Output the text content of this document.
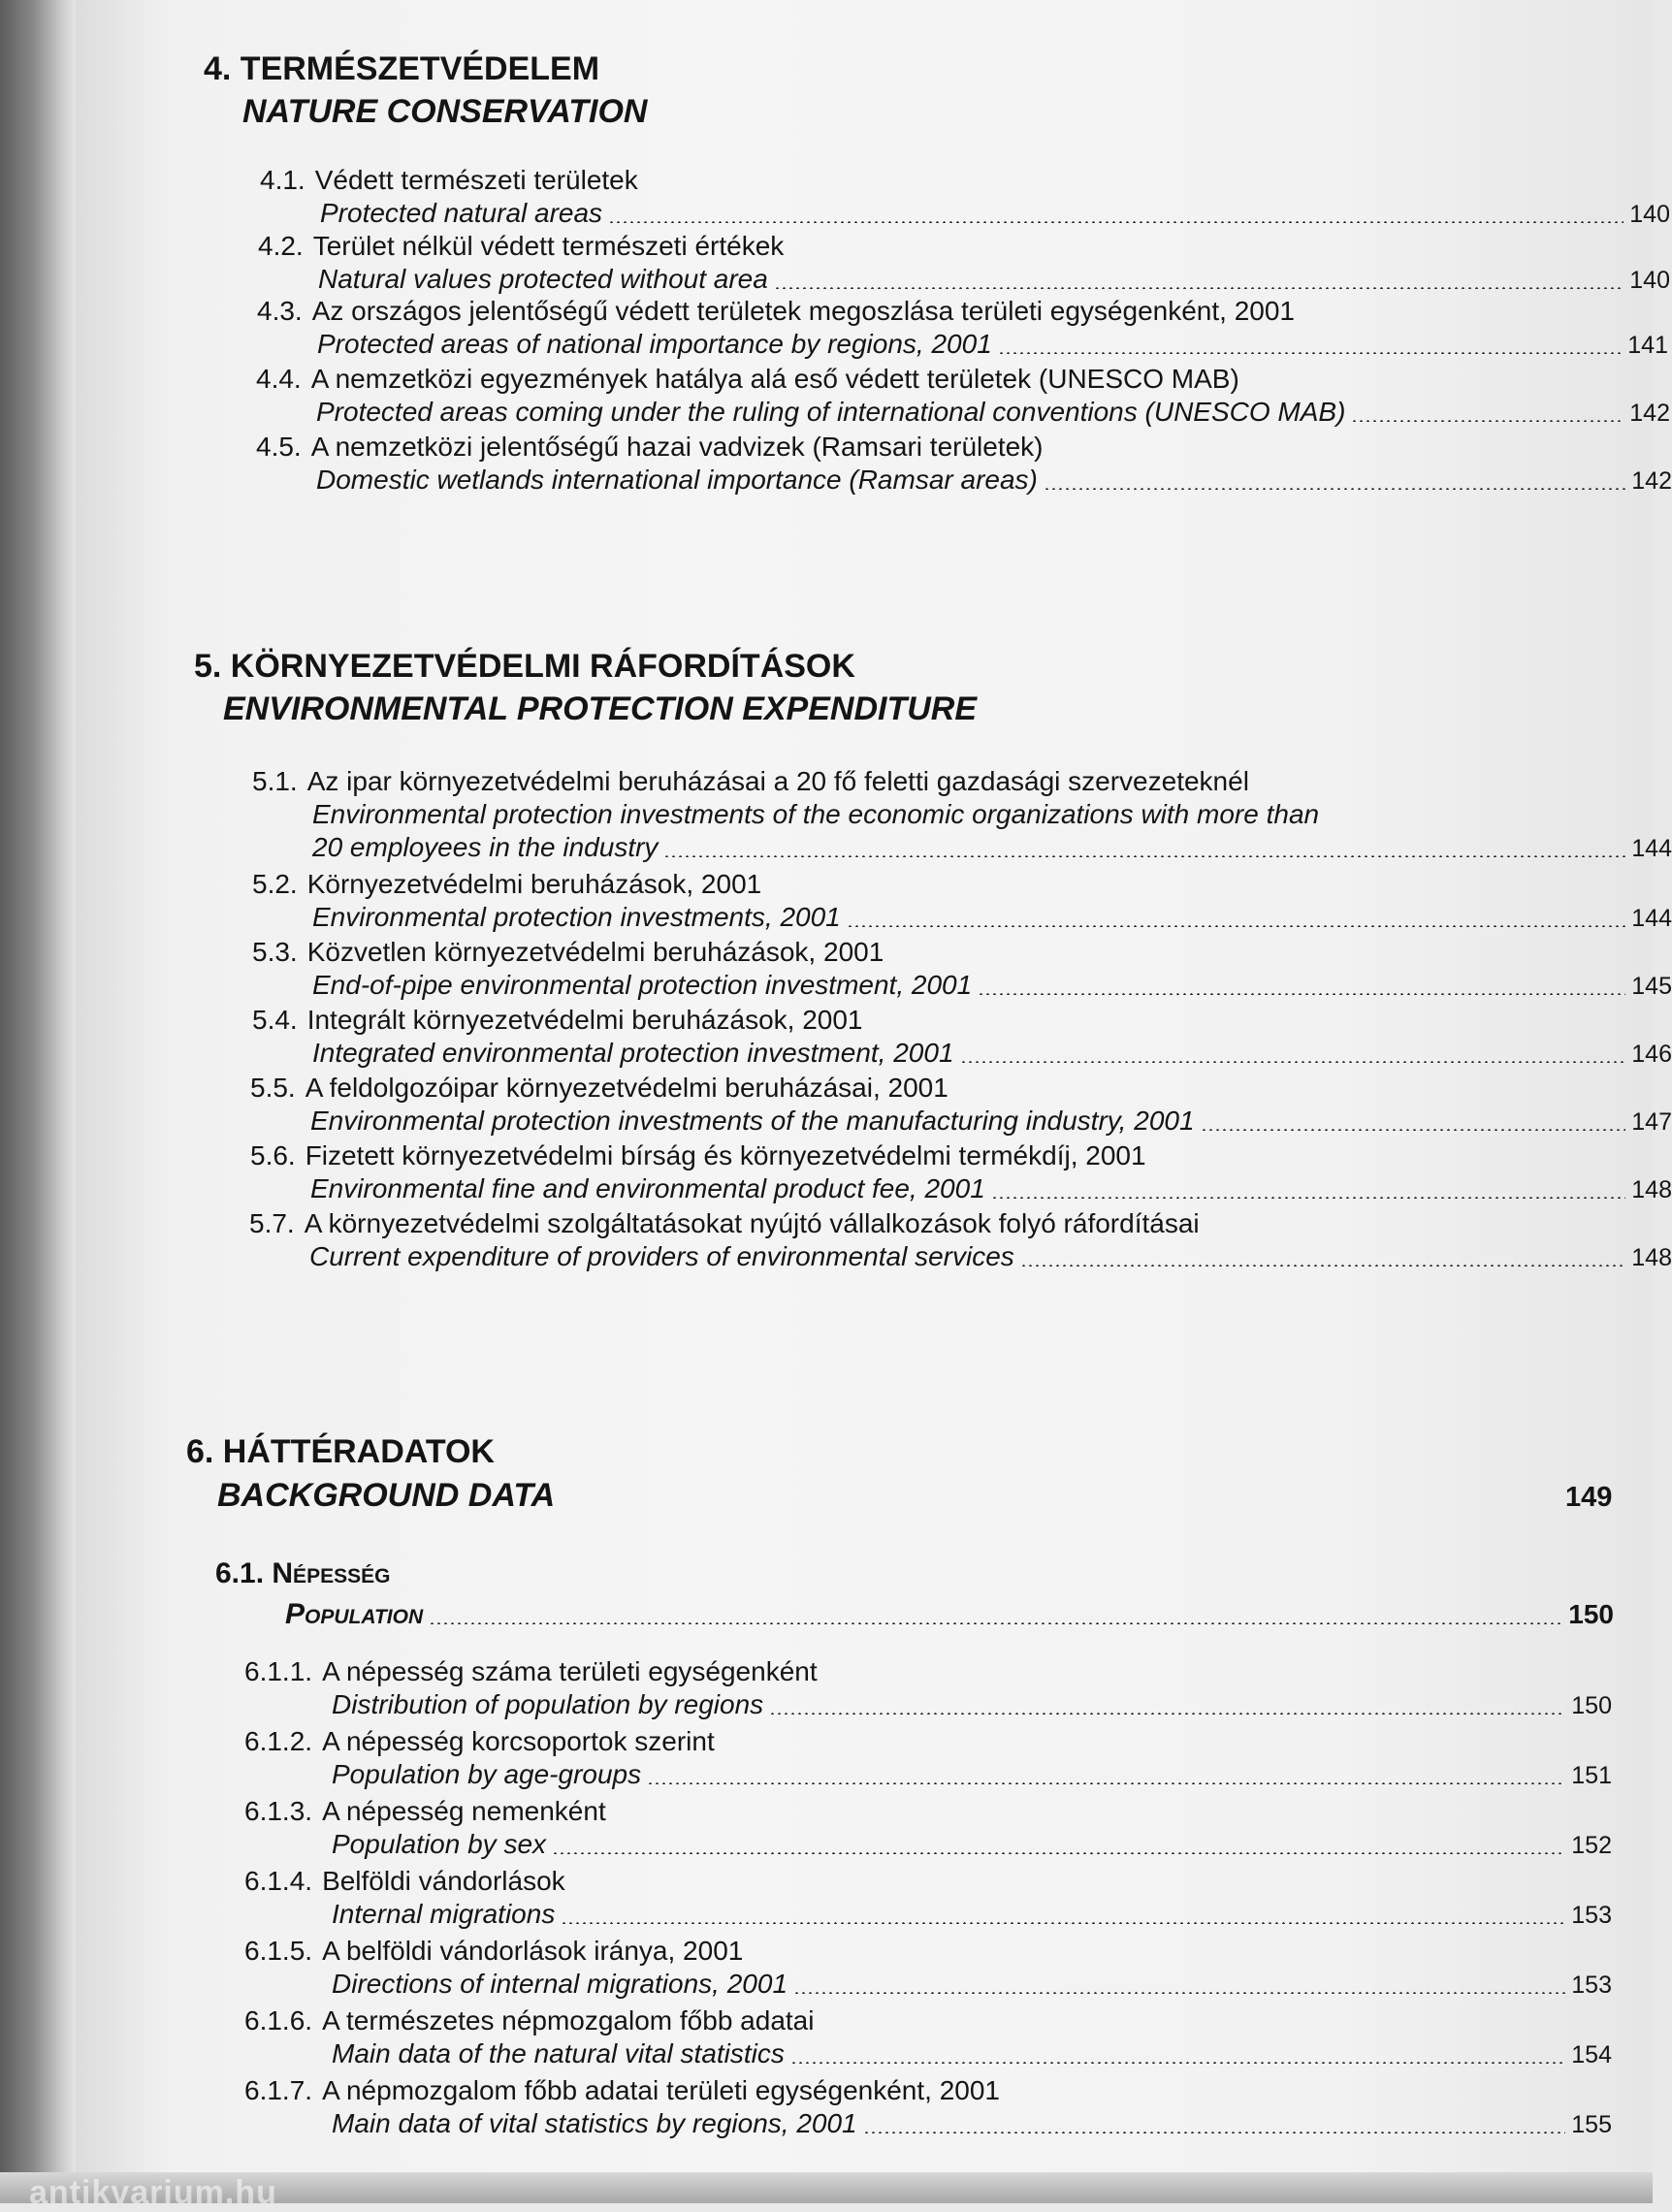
4. TERMÉSZETVÉDELEM
NATURE CONSERVATION
4.1. Védett természeti területek
Protected natural areas	140
4.2. Terület nélkül védett természeti értékek
Natural values protected without area	140
4.3. Az országos jelentőségű védett területek megoszlása területi egységenként, 2001
Protected areas of national importance by regions, 2001	141
4.4. A nemzetközi egyezmények hatálya alá eső védett területek (UNESCO MAB)
Protected areas coming under the ruling of international conventions (UNESCO MAB)	142
4.5. A nemzetközi jelentőségű hazai vadvizek (Ramsari területek)
Domestic wetlands international importance (Ramsar areas)	142
5. KÖRNYEZETVÉDELMI RÁFORDÍTÁSOK
ENVIRONMENTAL PROTECTION EXPENDITURE
5.1. Az ipar környezetvédelmi beruházásai a 20 fő feletti gazdasági szervezeteknél
Environmental protection investments of the economic organizations with more than
20 employees in the industry	144
5.2. Környezetvédelmi beruházások, 2001
Environmental protection investments, 2001	144
5.3. Közvetlen környezetvédelmi beruházások, 2001
End-of-pipe environmental protection investment, 2001	145
5.4. Integrált környezetvédelmi beruházások, 2001
Integrated environmental protection investment, 2001	146
5.5. A feldolgozóipar környezetvédelmi beruházásai, 2001
Environmental protection investments of the manufacturing industry, 2001	147
5.6. Fizetett környezetvédelmi bírság és környezetvédelmi termékdíj, 2001
Environmental fine and environmental product fee, 2001	148
5.7. A környezetvédelmi szolgáltatásokat nyújtó vállalkozások folyó ráfordításai
Current expenditure of providers of environmental services	148
6. HÁTTÉRADATOK
BACKGROUND DATA	149
6.1. Népesség
Population	150
6.1.1. A népesség száma területi egységenként
Distribution of population by regions	150
6.1.2. A népesség korcsoportok szerint
Population by age-groups	151
6.1.3. A népesség nemenként
Population by sex	152
6.1.4. Belföldi vándorlások
Internal migrations	153
6.1.5. A belföldi vándorlások iránya, 2001
Directions of internal migrations, 2001	153
6.1.6. A természetes népmozgalom főbb adatai
Main data of the natural vital statistics	154
6.1.7. A népmozgalom főbb adatai területi egységenként, 2001
Main data of vital statistics by regions, 2001	155
antikvarium.hu
